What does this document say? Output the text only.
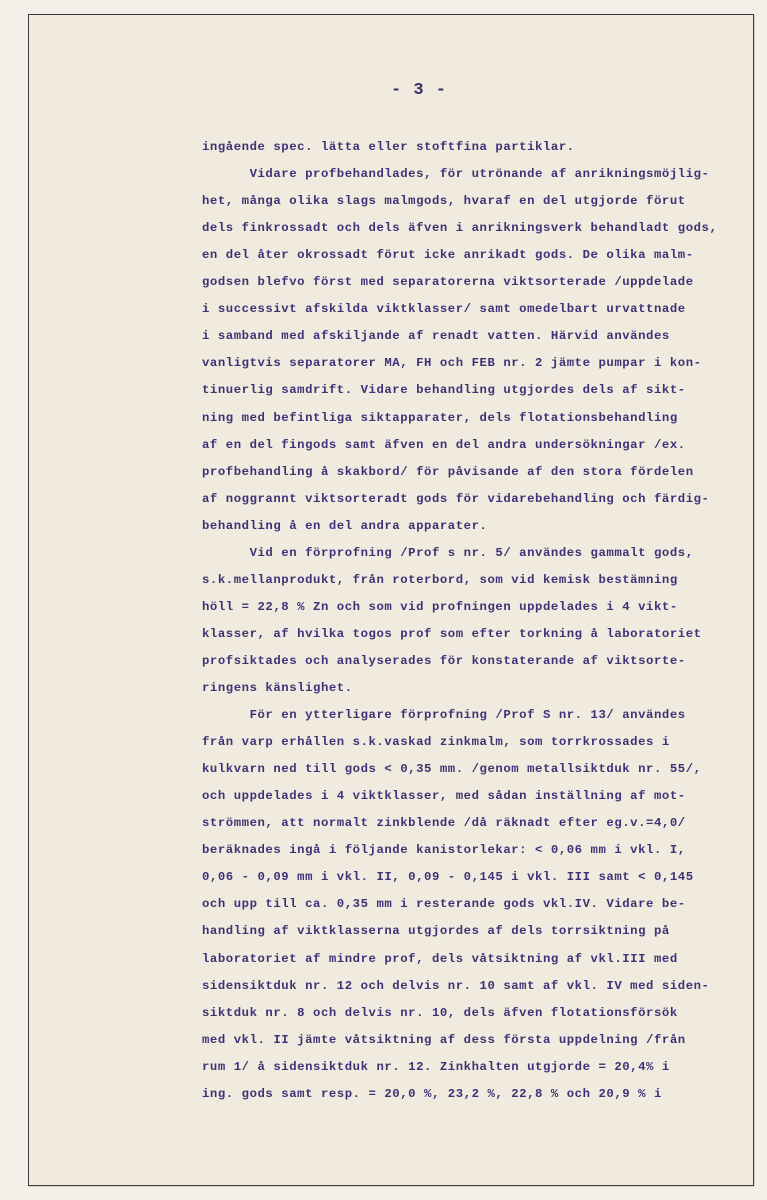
- 3 -
ingående spec. lätta eller stoftfina partiklar.
Vidare profbehandlades, för utrönande af anrikningsmöjlig-
het, många olika slags malmgods, hvaraf en del utgjorde förut
dels finkrossadt och dels äfven i anrikningsverk behandladt gods,
en del åter okrossadt förut icke anrikadt gods. De olika malm-
godsen blefvo först med separatorerna viktsorterade /uppdelade
i successivt afskilda viktklasser/ samt omedelbart urvattnade
i samband med afskiljande af renadt vatten. Härvid användes
vanligtvis separatorer MA, FH och FEB nr. 2 jämte pumpar i kon-
tinuerlig samdrift. Vidare behandling utgjordes dels af sikt-
ning med befintliga siktapparater, dels flotationsbehandling
af en del fingods samt äfven en del andra undersökningar /ex.
profbehandling å skakbord/ för påvisande af den stora fördelen
af noggrannt viktsorteradt gods för vidarebehandling och färdig-
behandling å en del andra apparater.
Vid en förprofning /Prof s nr. 5/ användes gammalt gods,
s.k.mellanprodukt, från roterbord, som vid kemisk bestämning
höll = 22,8 % Zn och som vid profningen uppdelades i 4 vikt-
klasser, af hvilka togos prof som efter torkning å laboratoriet
profsiktades och analyserades för konstaterande af viktsorte-
ringens känslighet.
För en ytterligare förprofning /Prof S nr. 13/ användes
från varp erhållen s.k.vaskad zinkmalm, som torrkrossades i
kulkvarn ned till gods < 0,35 mm. /genom metallsiktduk nr. 55/,
och uppdelades i 4 viktklasser, med sådan inställning af mot-
strömmen, att normalt zinkblende /då räknadt efter eg.v.=4,0/
beräknades ingå i följande kanistorlekar: < 0,06 mm i vkl. I,
0,06 - 0,09 mm i vkl. II, 0,09 - 0,145 i vkl. III samt < 0,145
och upp till ca. 0,35 mm i resterande gods vkl.IV. Vidare be-
handling af viktklasserna utgjordes af dels torrsiktning på
laboratoriet af mindre prof, dels våtsiktning af vkl.III med
sidensiktduk nr. 12 och delvis nr. 10 samt af vkl. IV med siden-
siktduk nr. 8 och delvis nr. 10, dels äfven flotationsförsök
med vkl. II jämte våtsiktning af dess första uppdelning /från
rum 1/ å sidensiktduk nr. 12. Zinkhalten utgjorde = 20,4% i
ing. gods samt resp. = 20,0 %, 23,2 %, 22,8 % och 20,9 % i
